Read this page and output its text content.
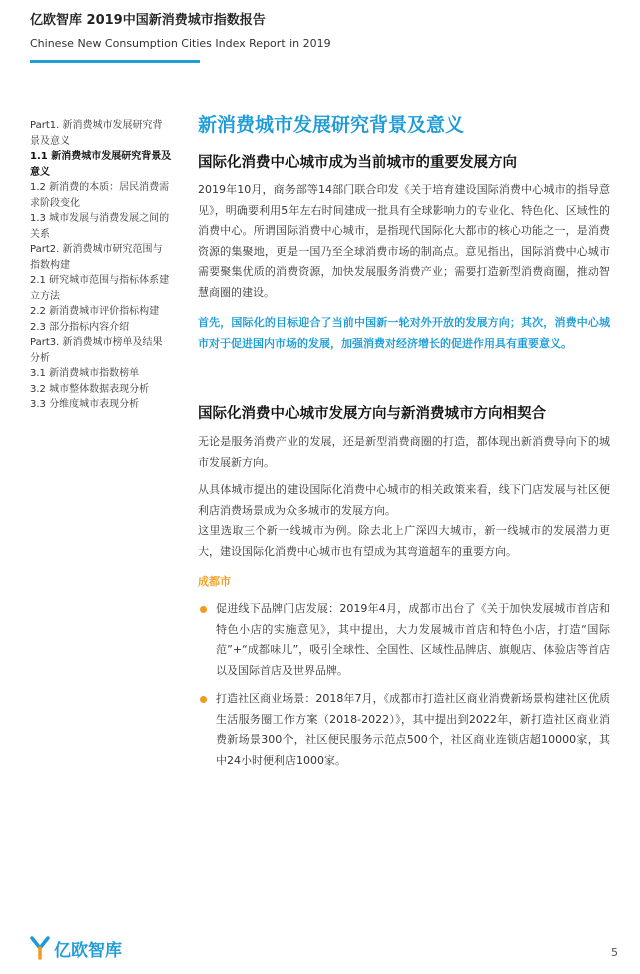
亿欧智库 2019中国新消费城市指数报告
Chinese New Consumption Cities Index Report in 2019
Part1. 新消费城市发展研究背景及意义
1.1 新消费城市发展研究背景及意义
1.2 新消费的本质：居民消费需求阶段变化
1.3 城市发展与消费发展之间的关系
Part2. 新消费城市研究范围与指数构建
2.1 研究城市范围与指标体系建立方法
2.2 新消费城市评价指标构建
2.3 部分指标内容介绍
Part3. 新消费城市榜单及结果分析
3.1 新消费城市指数榜单
3.2 城市整体数据表现分析
3.3 分维度城市表现分析
新消费城市发展研究背景及意义
国际化消费中心城市成为当前城市的重要发展方向
2019年10月，商务部等14部门联合印发《关于培育建设国际消费中心城市的指导意见》，明确要利用5年左右时间建成一批具有全球影响力的专业化、特色化、区域性的消费中心。所谓国际消费中心城市，是指现代国际化大都市的核心功能之一，是消费资源的集聚地，更是一国乃至全球消费市场的制高点。意见指出，国际消费中心城市需要聚集优质的消费资源，加快发展服务消费产业；需要打造新型消费商圈，推动智慧商圈的建设。
首先，国际化的目标迎合了当前中国新一轮对外开放的发展方向；其次，消费中心城市对于促进国内市场的发展，加强消费对经济增长的促进作用具有重要意义。
国际化消费中心城市发展方向与新消费城市方向相契合
无论是服务消费产业的发展，还是新型消费商圈的打造，都体现出新消费导向下的城市发展新方向。
从具体城市提出的建设国际化消费中心城市的相关政策来看，线下门店发展与社区便利店消费场景成为众多城市的发展方向。
这里选取三个新一线城市为例。除去北上广深四大城市，新一线城市的发展潜力更大，建设国际化消费中心城市也有望成为其弯道超车的重要方向。
成都市
促进线下品牌门店发展：2019年4月，成都市出台了《关于加快发展城市首店和特色小店的实施意见》，其中提出，大力发展城市首店和特色小店，打造“国际范”+“成都味儿”，吸引全球性、全国性、区域性品牌店、旗舰店、体验店等首店以及国际首店及世界品牌。
打造社区商业场景：2018年7月，《成都市打造社区商业消费新场景构建社区优质生活服务圈工作方案（2018-2022）》，其中提出到2022年，新打造社区商业消费新场景300个，社区便民服务示范点500个，社区商业连锁店超10000家，其中24小时便利店1000家。
亿欧智库	5
